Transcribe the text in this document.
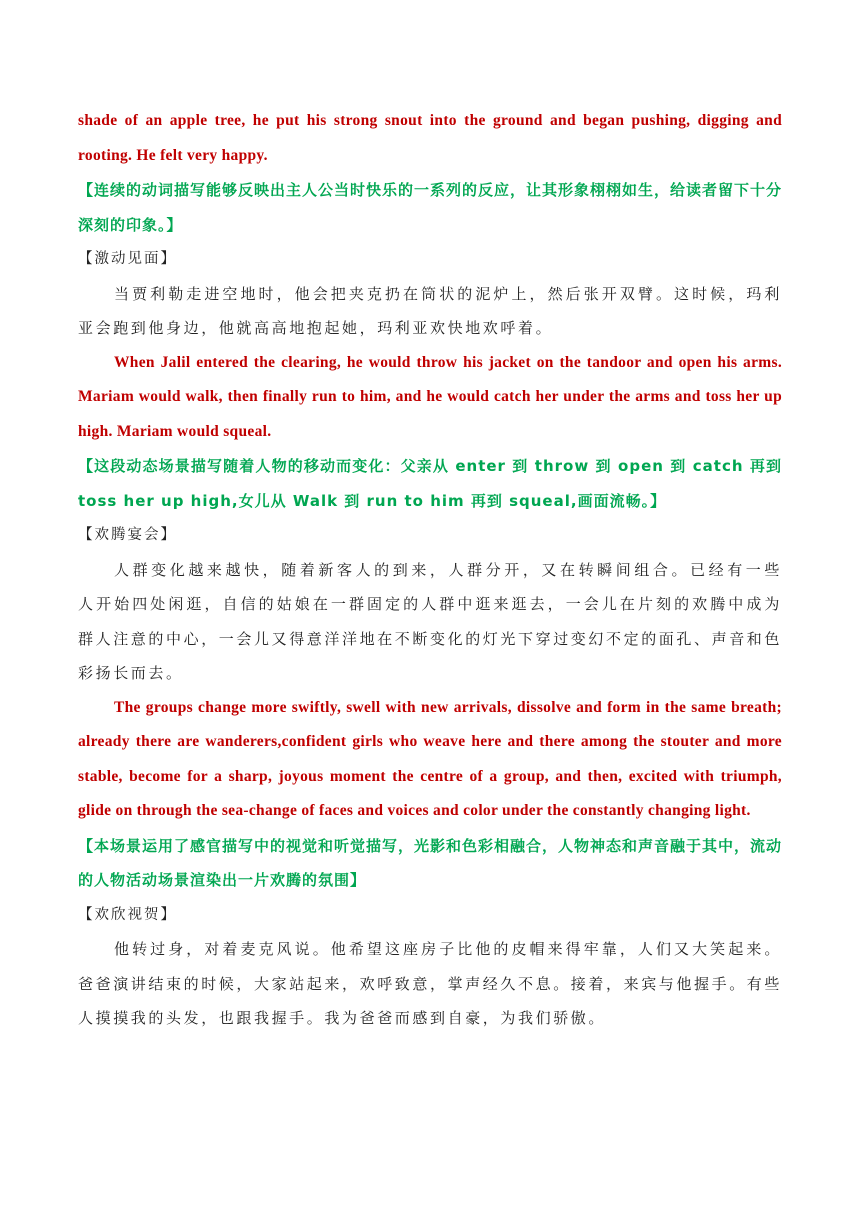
shade of an apple tree, he put his strong snout into the ground and began pushing, digging and rooting. He felt very happy.

【连续的动词描写能够反映出主人公当时快乐的一系列的反应，让其形象栩栩如生，给读者留下十分深刻的印象。】

【激动见面】

当贾利勒走进空地时，他会把夹克扔在筒状的泥炉上，然后张开双臂。这时候，玛利亚会跑到他身边，他就高高地抱起她，玛利亚欢快地欢呼着。

When Jalil entered the clearing, he would throw his jacket on the tandoor and open his arms. Mariam would walk, then finally run to him, and he would catch her under the arms and toss her up high. Mariam would squeal.

【这段动态场景描写随着人物的移动而变化：父亲从 enter 到 throw 到 open 到 catch 再到 toss her up high,女儿从 Walk 到 run to him 再到 squeal,画面流畅。】

【欢腾宴会】

人群变化越来越快，随着新客人的到来，人群分开，又在转瞬间组合。已经有一些　人开始四处闲逛，自信的姑娘在一群固定的人群中逛来逛去，一会儿在片刻的欢腾中成为　群人注意的中心，一会儿又得意洋洋地在不断变化的灯光下穿过变幻不定的面孔、声音和色彩扬长而去。

The groups change more swiftly, swell with new arrivals, dissolve and form in the same breath; already there are wanderers,confident girls who weave here and there among the stouter and more stable, become for a sharp, joyous moment the centre of a group, and then, excited with triumph, glide on through the sea-change of faces and voices and color under the constantly changing light.

【本场景运用了感官描写中的视觉和听觉描写，光影和色彩相融合，人物神态和声音融于其中，流动的人物活动场景渲染出一片欢腾的氛围】

【欢欣视贺】

他转过身，对着麦克风说。他希望这座房子比他的皮帽来得牢靠，人们又大笑起来。爸爸演讲结束的时候，大家站起来，欢呼致意，掌声经久不息。接着，来宾与他握手。有些人摸摸我的头发，也跟我握手。我为爸爸而感到自豪，为我们骄傲。
